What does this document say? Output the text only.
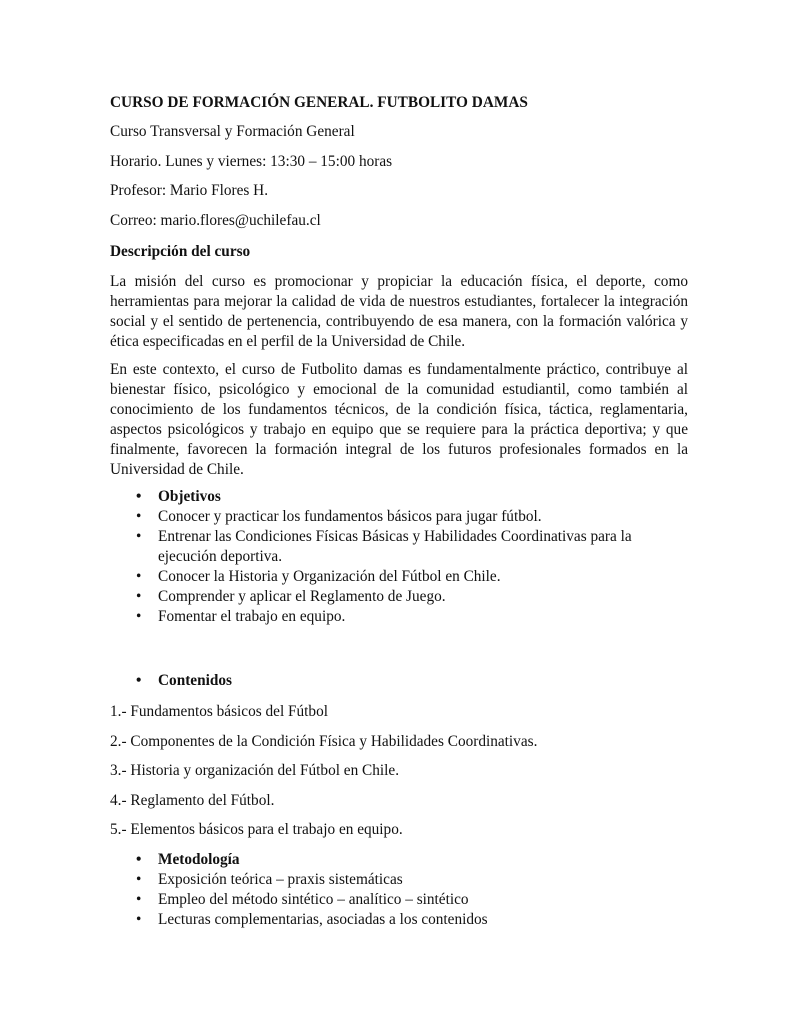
CURSO DE FORMACIÓN GENERAL. FUTBOLITO DAMAS
Curso Transversal y Formación General
Horario. Lunes y viernes: 13:30 – 15:00 horas
Profesor: Mario Flores H.
Correo: mario.flores@uchilefau.cl
Descripción del curso
La misión del curso es promocionar y propiciar la educación física, el deporte, como herramientas para mejorar la calidad de vida de nuestros estudiantes, fortalecer la integración social y el sentido de pertenencia, contribuyendo de esa manera, con la formación valórica y ética especificadas en el perfil de la Universidad de Chile.
En este contexto, el curso de Futbolito damas es fundamentalmente práctico, contribuye al bienestar físico, psicológico y emocional de la comunidad estudiantil, como también al conocimiento de los fundamentos técnicos, de la condición física, táctica, reglamentaria, aspectos psicológicos y trabajo en equipo que se requiere para la práctica deportiva; y que finalmente, favorecen la formación integral de los futuros profesionales formados en la Universidad de Chile.
• Objetivos
• Conocer y practicar los fundamentos básicos para jugar fútbol.
• Entrenar las Condiciones Físicas Básicas y Habilidades Coordinativas para la ejecución deportiva.
• Conocer la Historia y Organización del Fútbol en Chile.
• Comprender y aplicar el Reglamento de Juego.
• Fomentar el trabajo en equipo.
• Contenidos
1.- Fundamentos básicos del Fútbol
2.- Componentes de la Condición Física y Habilidades Coordinativas.
3.- Historia y organización del Fútbol en Chile.
4.- Reglamento del Fútbol.
5.- Elementos básicos para el trabajo en equipo.
• Metodología
• Exposición teórica – praxis sistemáticas
• Empleo del método sintético – analítico – sintético
• Lecturas complementarias, asociadas a los contenidos
